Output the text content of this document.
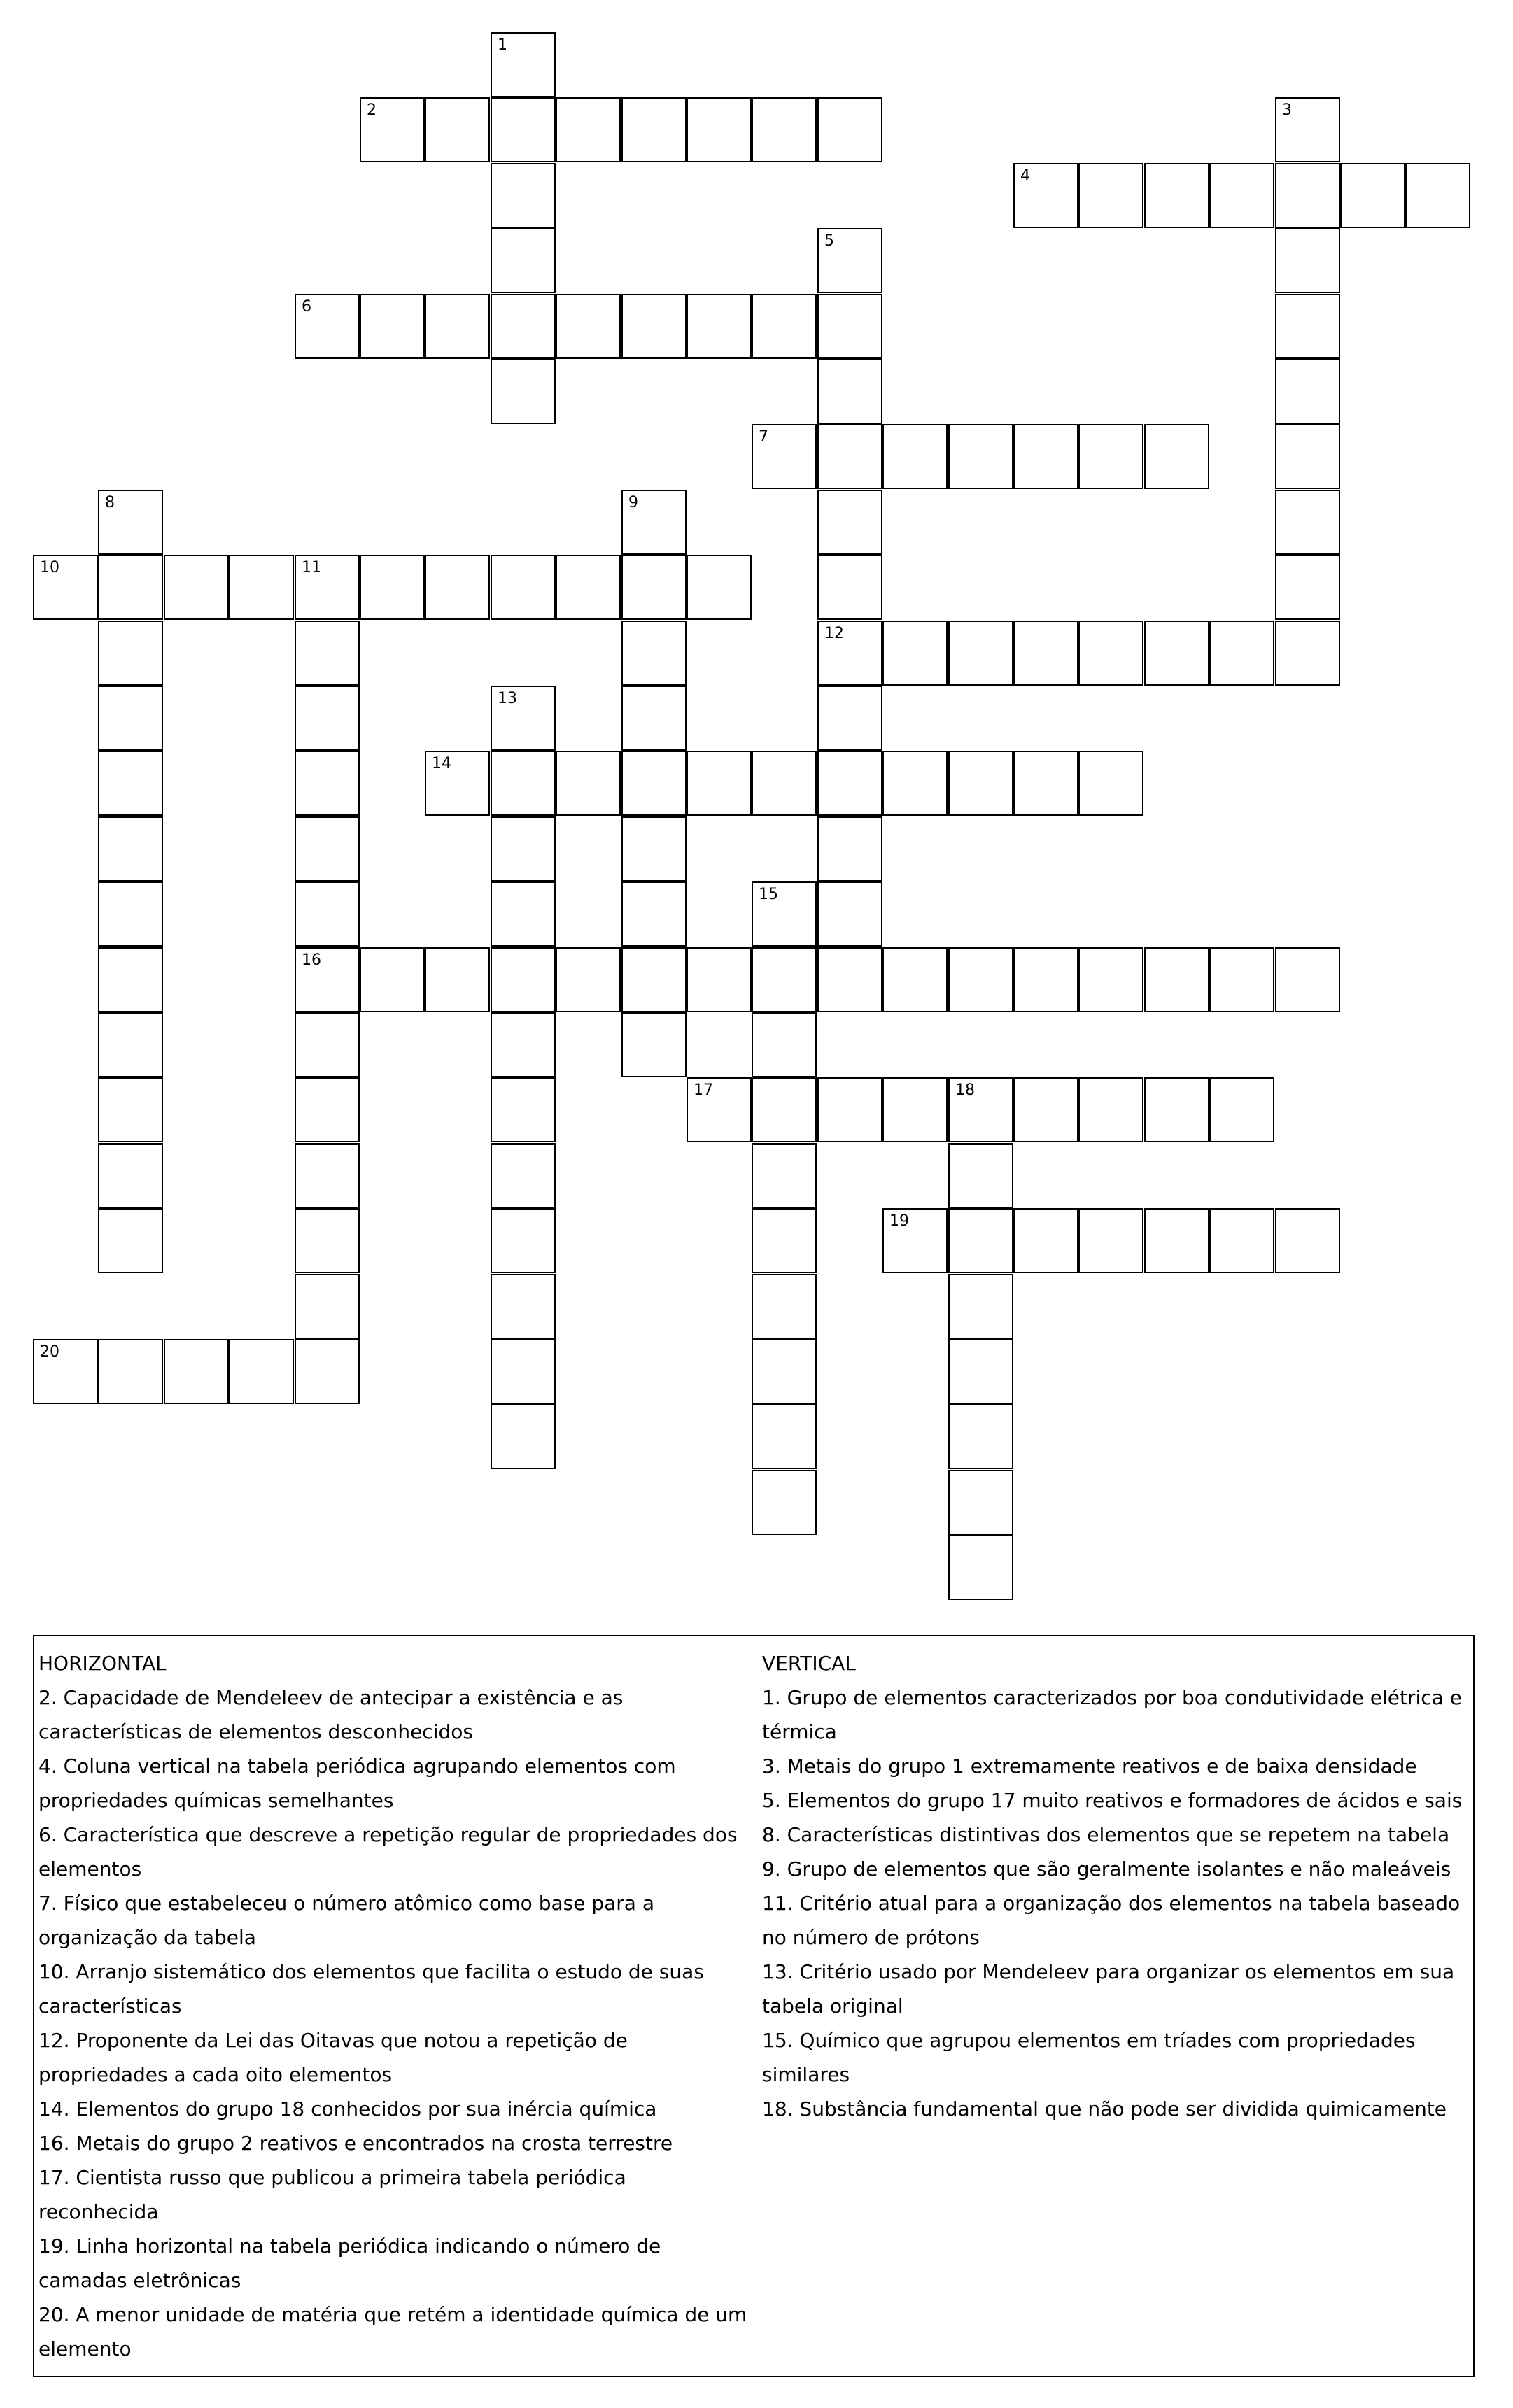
1
2	3
4
5
12
6
7
8	9
10	11
16
13
14
15
17	18
19
20

HORIZONTAL

2. Capacidade de Mendeleev de antecipar a existência e as características de elementos desconhecidos

4. Coluna vertical na tabela periódica agrupando elementos com propriedades químicas semelhantes

6. Característica que descreve a repetição regular de propriedades dos elementos

7. Físico que estabeleceu o número atômico como base para a organização da tabela

10. Arranjo sistemático dos elementos que facilita o estudo de suas características

12. Proponente da Lei das Oitavas que notou a repetição de propriedades a cada oito elementos

14. Elementos do grupo 18 conhecidos por sua inércia química

16. Metais do grupo 2 reativos e encontrados na crosta terrestre

17. Cientista russo que publicou a primeira tabela periódica reconhecida

19. Linha horizontal na tabela periódica indicando o número de camadas eletrônicas

20. A menor unidade de matéria que retém a identidade química de um elemento

VERTICAL

1. Grupo de elementos caracterizados por boa condutividade elétrica e térmica

3. Metais do grupo 1 extremamente reativos e de baixa densidade

5. Elementos do grupo 17 muito reativos e formadores de ácidos e sais

8. Características distintivas dos elementos que se repetem na tabela

9. Grupo de elementos que são geralmente isolantes e não maleáveis

11. Critério atual para a organização dos elementos na tabela baseado no número de prótons

13. Critério usado por Mendeleev para organizar os elementos em sua tabela original

15. Químico que agrupou elementos em tríades com propriedades similares

18. Substância fundamental que não pode ser dividida quimicamente
